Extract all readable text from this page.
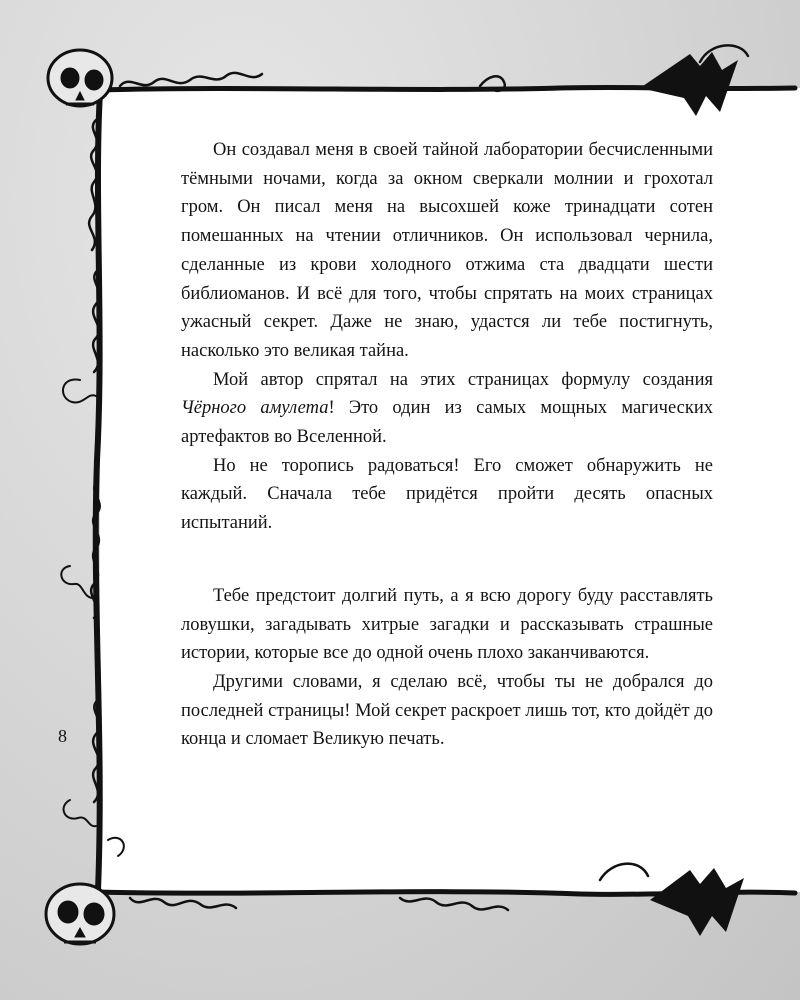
Он создавал меня в своей тайной лаборатории бесчисленными тёмными ночами, когда за окном сверкали молнии и грохотал гром. Он писал меня на высохшей коже тринадцати сотен помешанных на чтении отличников. Он использовал чернила, сделанные из крови холодного отжима ста двадцати шести библиоманов. И всё для того, чтобы спрятать на моих страницах ужасный секрет. Даже не знаю, удастся ли тебе постигнуть, насколько это великая тайна.

Мой автор спрятал на этих страницах формулу создания Чёрного амулета! Это один из самых мощных магических артефактов во Вселенной.

Но не торопись радоваться! Его сможет обнаружить не каждый. Сначала тебе придётся пройти десять опасных испытаний.

Тебе предстоит долгий путь, а я всю дорогу буду расставлять ловушки, загадывать хитрые загадки и рассказывать страшные истории, которые все до одной очень плохо заканчиваются.

Другими словами, я сделаю всё, чтобы ты не добрался до последней страницы! Мой секрет раскроет лишь тот, кто дойдёт до конца и сломает Великую печать.

8
